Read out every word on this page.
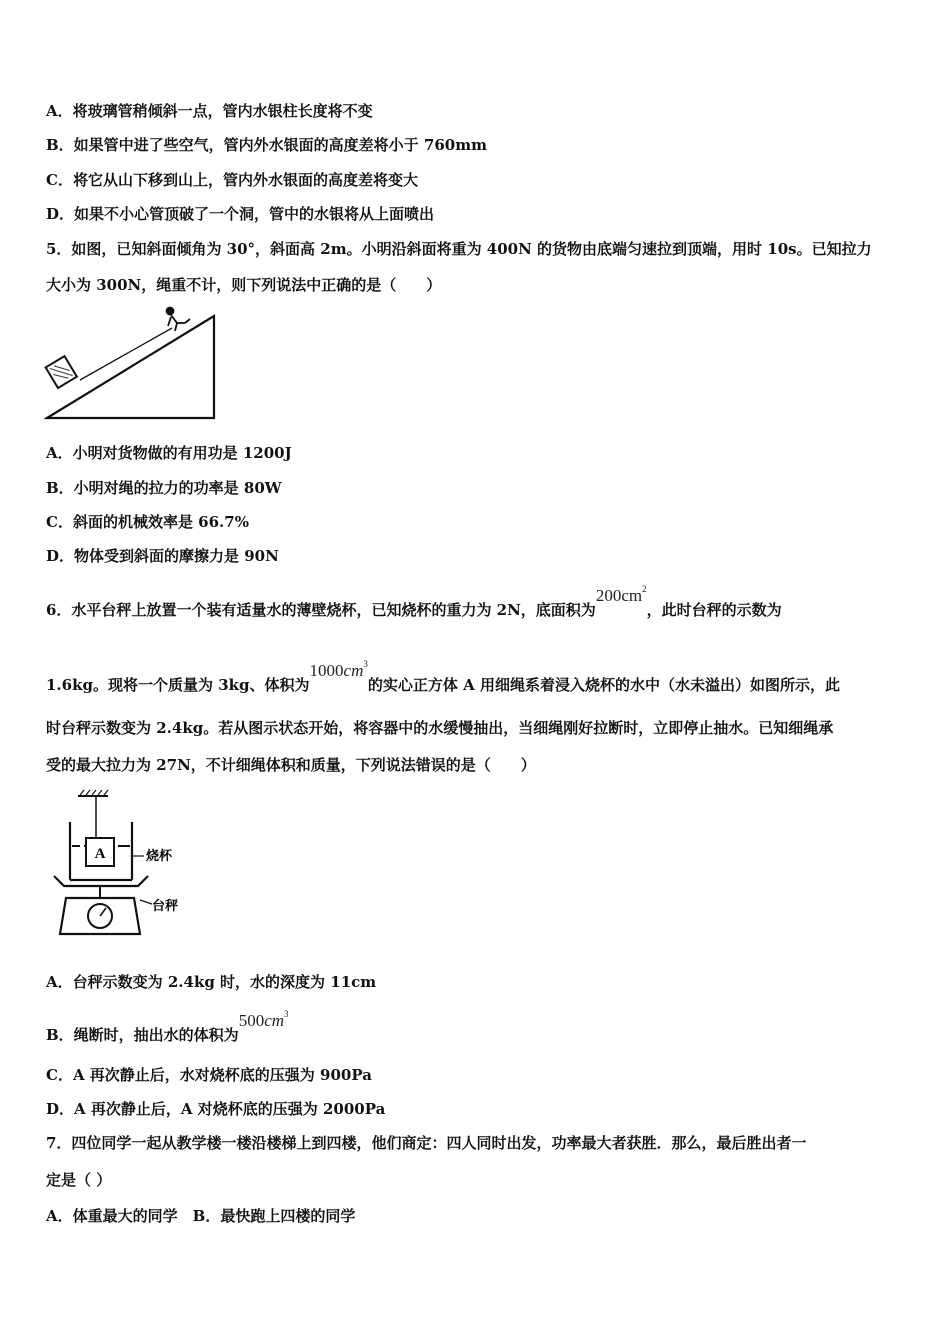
A．将玻璃管稍倾斜一点，管内水银柱长度将不变
B．如果管中进了些空气，管内外水银面的高度差将小于 760mm
C．将它从山下移到山上，管内外水银面的高度差将变大
D．如果不小心管顶破了一个洞，管中的水银将从上面喷出
5．如图，已知斜面倾角为 30°，斜面高 2m。小明沿斜面将重为 400N 的货物由底端匀速拉到顶端，用时 10s。已知拉力
大小为 300N，绳重不计，则下列说法中正确的是（　　）
A．小明对货物做的有用功是 1200J
B．小明对绳的拉力的功率是 80W
C．斜面的机械效率是 66.7%
D．物体受到斜面的摩擦力是 90N
6．水平台秤上放置一个装有适量水的薄壁烧杯，已知烧杯的重力为 2N，底面积为$200cm^2$，此时台秤的示数为
1.6kg。现将一个质量为 3kg、体积为$1000cm^3$的实心正方体 A 用细绳系着浸入烧杯的水中（水未溢出）如图所示，此
时台秤示数变为 2.4kg。若从图示状态开始，将容器中的水缓慢抽出，当细绳刚好拉断时，立即停止抽水。已知细绳承
受的最大拉力为 27N，不计细绳体积和质量，下列说法错误的是（　　）
A	烧杯
台秤
A．台秤示数变为 2.4kg 时，水的深度为 11cm
B．绳断时，抽出水的体积为$500cm^3$
C．A 再次静止后，水对烧杯底的压强为 900Pa
D．A 再次静止后，A 对烧杯底的压强为 2000Pa
7．四位同学一起从教学楼一楼沿楼梯上到四楼，他们商定：四人同时出发，功率最大者获胜．那么，最后胜出者一
定是（ ）
A．体重最大的同学　B．最快跑上四楼的同学
